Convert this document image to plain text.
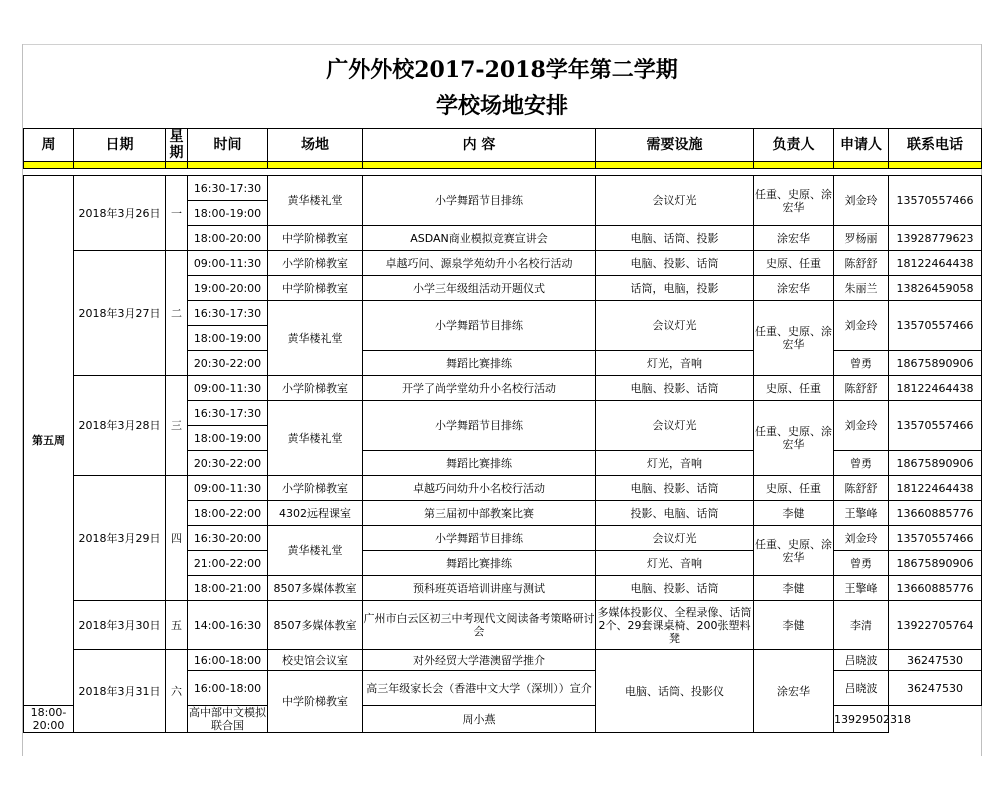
广外外校2017-2018学年第二学期
学校场地安排
周	日期	星期	时间	场地	内 容	需要设施	负责人	申请人	联系电话

第五周	2018年3月26日	一	16:30-17:30	黄华楼礼堂	小学舞蹈节目排练	会议灯光	任重、史原、涂宏华	刘金玲	13570557466
			18:00-19:00						
			18:00-20:00	中学阶梯教室	ASDAN商业模拟竞赛宣讲会	电脑、话筒、投影	涂宏华	罗杨丽	13928779623
	2018年3月27日	二	09:00-11:30	小学阶梯教室	卓越巧问、源泉学苑幼升小名校行活动	电脑、投影、话筒	史原、任重	陈舒舒	18122464438
			19:00-20:00	中学阶梯教室	小学三年级组活动开题仪式	话筒，电脑，投影	涂宏华	朱丽兰	13826459058
			16:30-17:30	黄华楼礼堂	小学舞蹈节目排练	会议灯光	任重、史原、涂宏华	刘金玲	13570557466
			18:00-19:00						
			20:30-22:00		舞蹈比赛排练	灯光，音响		曾勇	18675890906
	2018年3月28日	三	09:00-11:30	小学阶梯教室	开学了尚学堂幼升小名校行活动	电脑、投影、话筒	史原、任重	陈舒舒	18122464438
			16:30-17:30	黄华楼礼堂	小学舞蹈节目排练	会议灯光	任重、史原、涂宏华	刘金玲	13570557466
			18:00-19:00						
			20:30-22:00		舞蹈比赛排练	灯光，音响		曾勇	18675890906
	2018年3月29日	四	09:00-11:30	小学阶梯教室	卓越巧问幼升小名校行活动	电脑、投影、话筒	史原、任重	陈舒舒	18122464438
			18:00-22:00	4302远程课室	第三届初中部教案比赛	投影、电脑、话筒	李健	王擎峰	13660885776
			16:30-20:00	黄华楼礼堂	小学舞蹈节目排练	会议灯光	任重、史原、涂宏华	刘金玲	13570557466
			21:00-22:00		舞蹈比赛排练	灯光、音响		曾勇	18675890906
			18:00-21:00	8507多媒体教室	预科班英语培训讲座与测试	电脑、投影、话筒	李健	王擎峰	13660885776
	2018年3月30日	五	14:00-16:30	8507多媒体教室	广州市白云区初三中考现代文阅读备考策略研讨会	多媒体投影仪、全程录像、话筒2个、29套课桌椅、200张塑料凳	李健	李清	13922705764
	2018年3月31日	六	16:00-18:00	校史馆会议室	对外经贸大学港澳留学推介	电脑、话筒、投影仪	涂宏华	吕晓波	36247530
			16:00-18:00	中学阶梯教室	高三年级家长会（香港中文大学（深圳））宣介			吕晓波	36247530
18:00-20:00			高中部中文模拟联合国		周小燕			13929502318	
